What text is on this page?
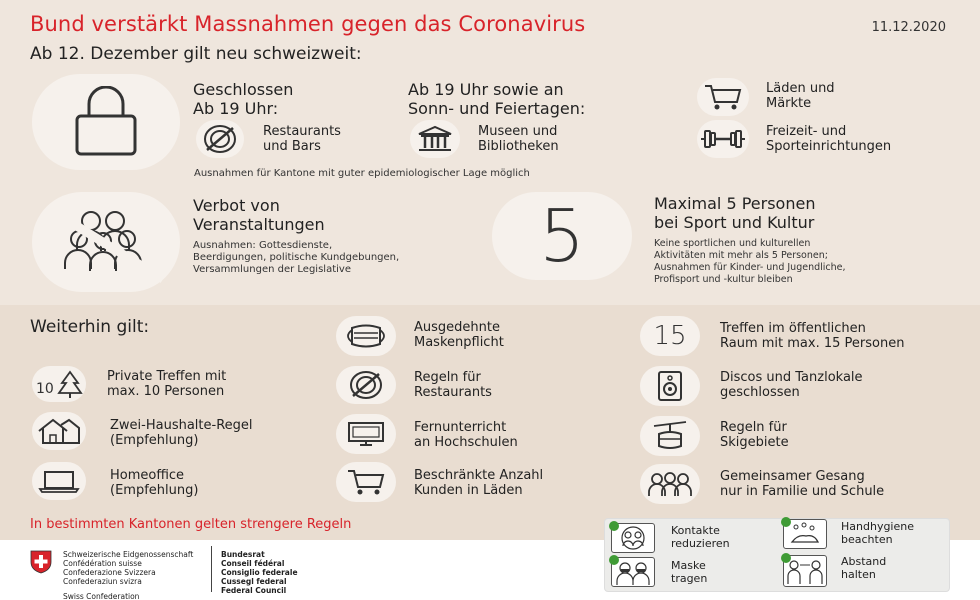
Bund verstärkt Massnahmen gegen das Coronavirus	11.12.2020
Ab 12. Dezember gilt neu schweizweit:
Geschlossen
Ab 19 Uhr:
Restaurants
und Bars
Ab 19 Uhr sowie an
Sonn- und Feiertagen:
Museen und
Bibliotheken
Läden und
Märkte
Freizeit- und
Sporteinrichtungen
Ausnahmen für Kantone mit guter epidemiologischer Lage möglich
Verbot von
Veranstaltungen
Ausnahmen: Gottesdienste,
Beerdigungen, politische Kundgebungen,
Versammlungen der Legislative	5	Maximal 5 Personen
bei Sport und Kultur
Keine sportlichen und kulturellen
Aktivitäten mit mehr als 5 Personen;
Ausnahmen für Kinder- und Jugendliche,
Profisport und -kultur bleiben
Weiterhin gilt:
10
Private Treffen mit
max. 10 Personen
Zwei-Haushalte-Regel
(Empfehlung)
Homeoffice
(Empfehlung)
Ausgedehnte
Maskenpflicht
Regeln für
Restaurants
Fernunterricht
an Hochschulen
Beschränkte Anzahl
Kunden in Läden
15	Treffen im öffentlichen
Raum mit max. 15 Personen
Discos und Tanzlokale
geschlossen
Regeln für
Skigebiete
Gemeinsamer Gesang
nur in Familie und Schule
In bestimmten Kantonen gelten strengere Regeln	Kontakte
reduzieren
Handhygiene
beachten
Maske
tragen
Abstand
halten
Schweizerische Eidgenossenschaft
Confédération suisse
Confederazione Svizzera
Confederaziun svizra
Swiss Confederation
Bundesrat
Conseil fédéral
Consiglio federale
Cussegl federal
Federal Council
